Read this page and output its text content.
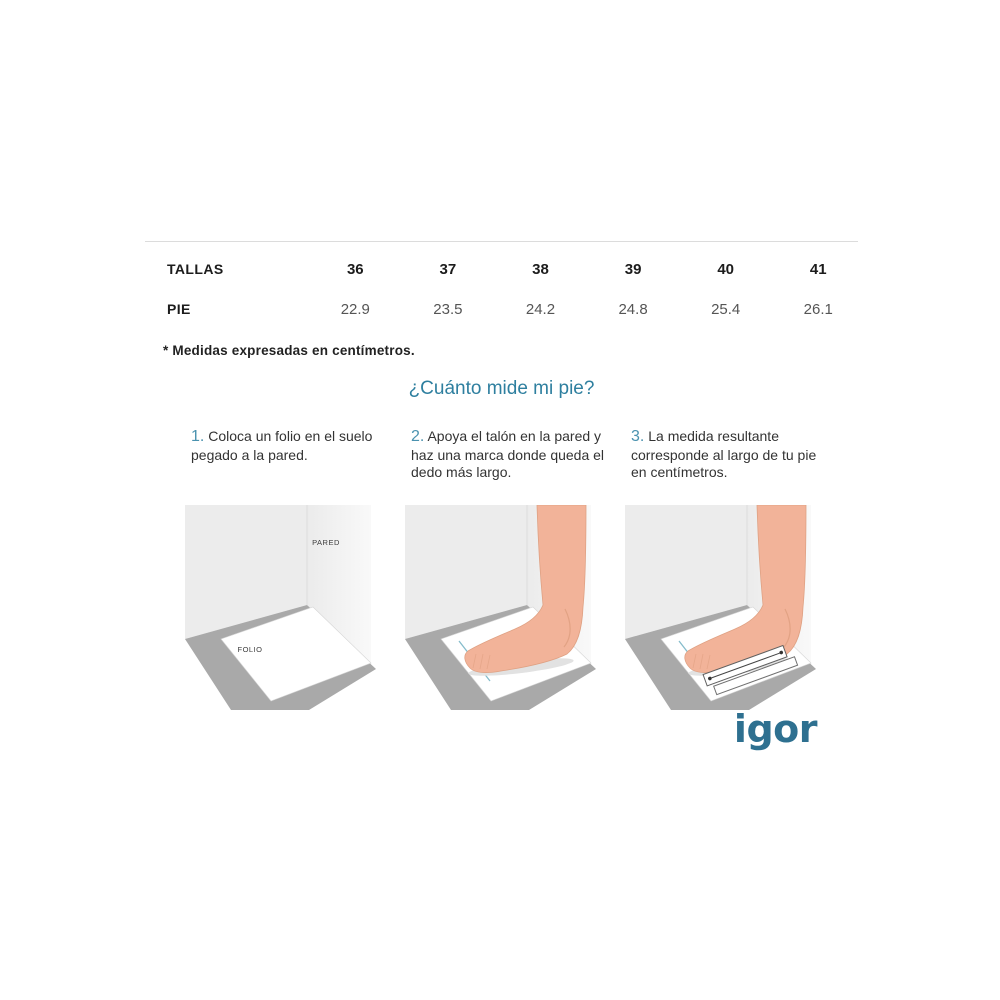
TALLAS	36	37	38	39	40	41
PIE	22.9	23.5	24.2	24.8	25.4	26.1
* Medidas expresadas en centímetros.
¿Cuánto mide mi pie?

1. Coloca un folio en el suelo pegado a la pared.

PARED
FOLIO

2. Apoya el talón en la pared y haz una marca donde queda el dedo más largo.

3. La medida resultante corresponde al largo de tu pie en centímetros.

igor
